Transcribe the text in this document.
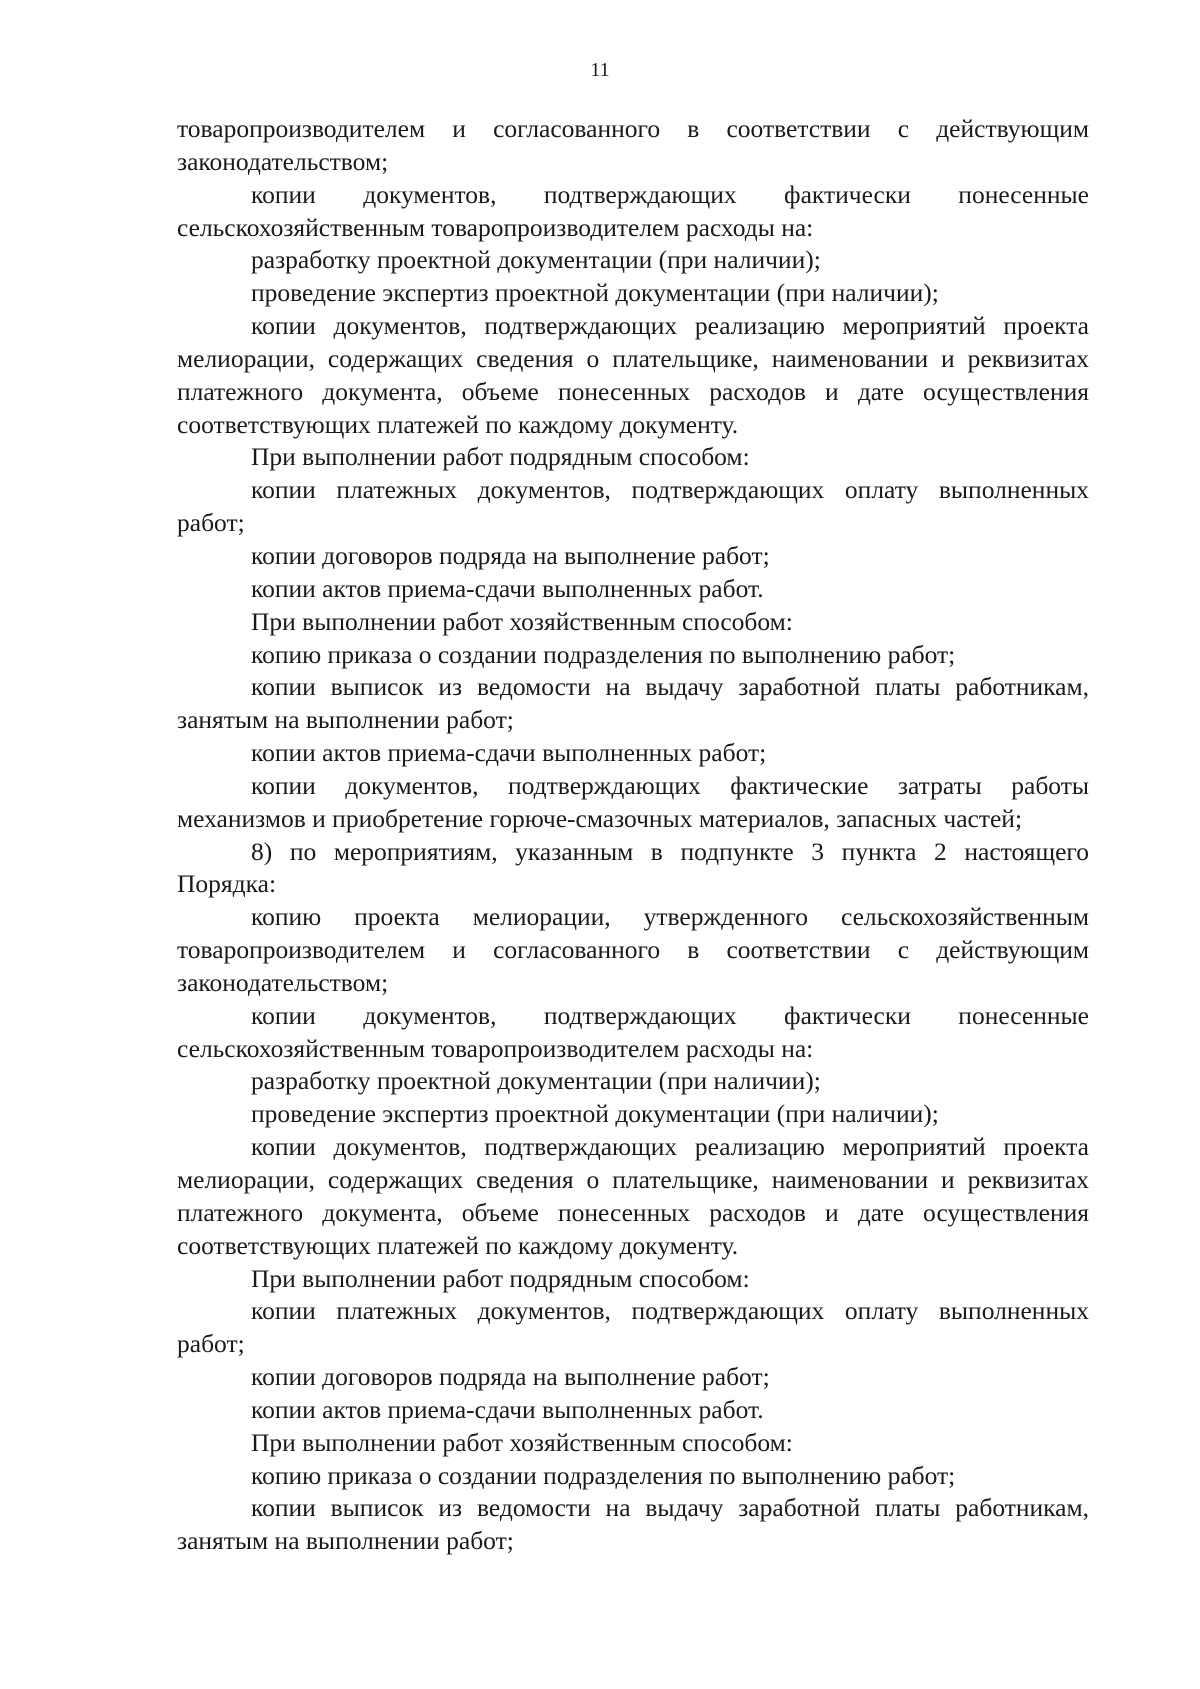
11

товаропроизводителем и согласованного в соответствии с действующим

законодательством;

копии документов, подтверждающих фактически понесенные

сельскохозяйственным товаропроизводителем расходы на:

разработку проектной документации (при наличии);

проведение экспертиз проектной документации (при наличии);

копии документов, подтверждающих реализацию мероприятий проекта мелиорации, содержащих сведения о плательщике, наименовании и реквизитах платежного документа, объеме понесенных расходов и дате осуществления соответствующих платежей по каждому документу.

При выполнении работ подрядным способом:

копии платежных документов, подтверждающих оплату выполненных работ;

копии договоров подряда на выполнение работ;

копии актов приема-сдачи выполненных работ.

При выполнении работ хозяйственным способом:

копию приказа о создании подразделения по выполнению работ;

копии выписок из ведомости на выдачу заработной платы работникам, занятым на выполнении работ;

копии актов приема-сдачи выполненных работ;

копии документов, подтверждающих фактические затраты работы механизмов и приобретение горюче-смазочных материалов, запасных частей;

8) по мероприятиям, указанным в подпункте 3 пункта 2 настоящего Порядка:

копию проекта мелиорации, утвержденного сельскохозяйственным товаропроизводителем и согласованного в соответствии с действующим законодательством;

копии документов, подтверждающих фактически понесенные

сельскохозяйственным товаропроизводителем расходы на:

разработку проектной документации (при наличии);

проведение экспертиз проектной документации (при наличии);

копии документов, подтверждающих реализацию мероприятий проекта мелиорации, содержащих сведения о плательщике, наименовании и реквизитах платежного документа, объеме понесенных расходов и дате осуществления соответствующих платежей по каждому документу.

При выполнении работ подрядным способом:

копии платежных документов, подтверждающих оплату выполненных работ;

копии договоров подряда на выполнение работ;

копии актов приема-сдачи выполненных работ.

При выполнении работ хозяйственным способом:

копию приказа о создании подразделения по выполнению работ;

копии выписок из ведомости на выдачу заработной платы работникам, занятым на выполнении работ;
